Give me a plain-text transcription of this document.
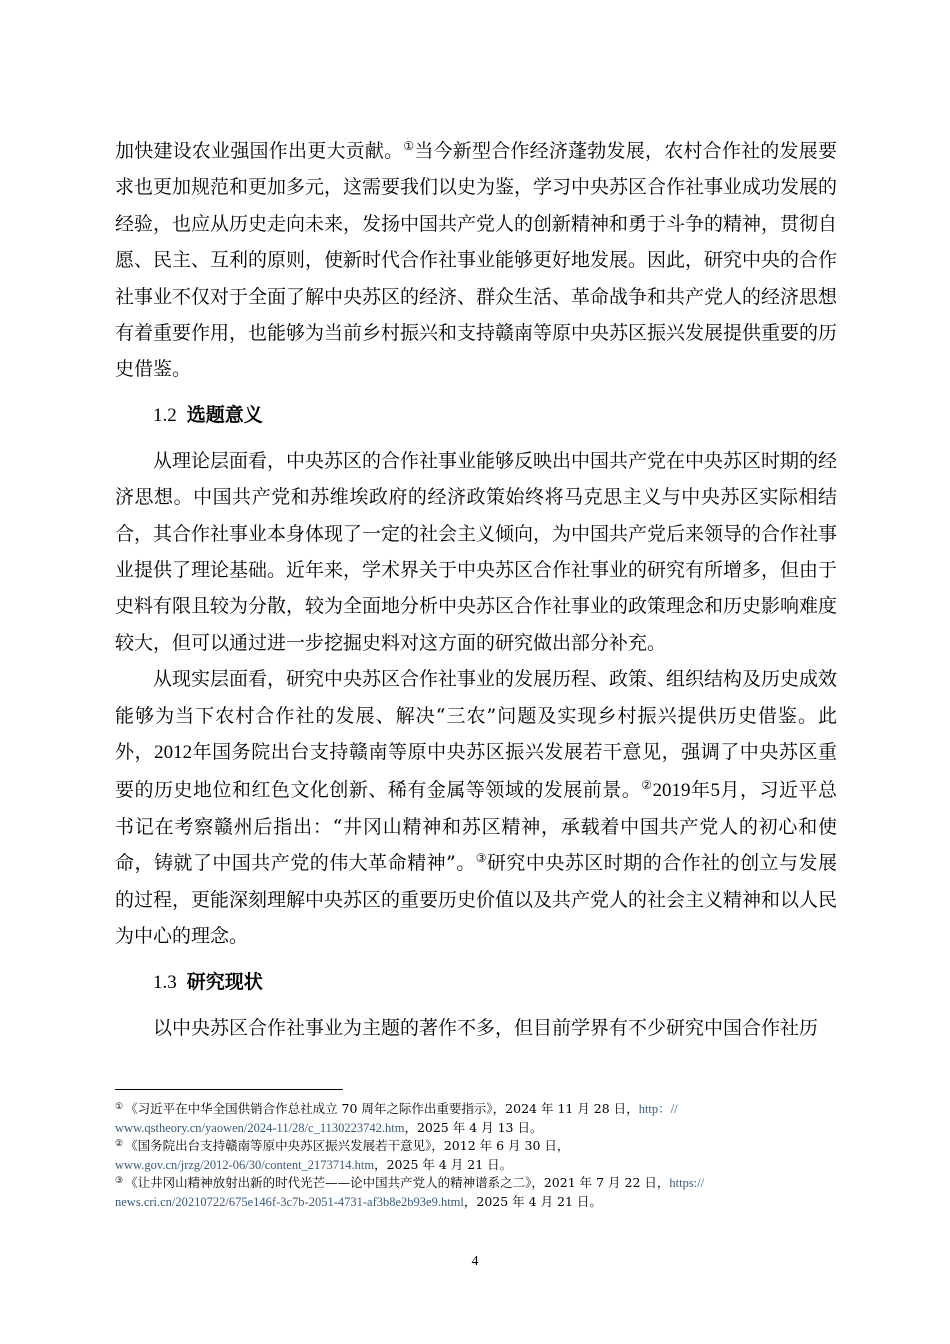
加快建设农业强国作出更大贡献。①当今新型合作经济蓬勃发展，农村合作社的发展要求也更加规范和更加多元，这需要我们以史为鉴，学习中央苏区合作社事业成功发展的经验，也应从历史走向未来，发扬中国共产党人的创新精神和勇于斗争的精神，贯彻自愿、民主、互利的原则，使新时代合作社事业能够更好地发展。因此，研究中央的合作社事业不仅对于全面了解中央苏区的经济、群众生活、革命战争和共产党人的经济思想有着重要作用，也能够为当前乡村振兴和支持赣南等原中央苏区振兴发展提供重要的历史借鉴。

1.2 选题意义

从理论层面看，中央苏区的合作社事业能够反映出中国共产党在中央苏区时期的经济思想。中国共产党和苏维埃政府的经济政策始终将马克思主义与中央苏区实际相结合，其合作社事业本身体现了一定的社会主义倾向，为中国共产党后来领导的合作社事业提供了理论基础。近年来，学术界关于中央苏区合作社事业的研究有所增多，但由于史料有限且较为分散，较为全面地分析中央苏区合作社事业的政策理念和历史影响难度较大，但可以通过进一步挖掘史料对这方面的研究做出部分补充。

从现实层面看，研究中央苏区合作社事业的发展历程、政策、组织结构及历史成效能够为当下农村合作社的发展、解决“三农”问题及实现乡村振兴提供历史借鉴。此外，2012年国务院出台支持赣南等原中央苏区振兴发展若干意见，强调了中央苏区重要的历史地位和红色文化创新、稀有金属等领域的发展前景。②2019年5月，习近平总书记在考察赣州后指出：“井冈山精神和苏区精神，承载着中国共产党人的初心和使命，铸就了中国共产党的伟大革命精神”。③研究中央苏区时期的合作社的创立与发展的过程，更能深刻理解中央苏区的重要历史价值以及共产党人的社会主义精神和以人民为中心的理念。

1.3 研究现状

以中央苏区合作社事业为主题的著作不多，但目前学界有不少研究中国合作社历

① 《习近平在中华全国供销合作总社成立 70 周年之际作出重要指示》，2024 年 11 月 28 日，http：//
www.qstheory.cn/yaowen/2024-11/28/c_1130223742.htm，2025 年 4 月 13 日。

② 《国务院出台支持赣南等原中央苏区振兴发展若干意见》，2012 年 6 月 30 日，
www.gov.cn/jrzg/2012-06/30/content_2173714.htm，2025 年 4 月 21 日。

③ 《让井冈山精神放射出新的时代光芒——论中国共产党人的精神谱系之二》，2021 年 7 月 22 日，https://
news.cri.cn/20210722/675e146f-3c7b-2051-4731-af3b8e2b93e9.html，2025 年 4 月 21 日。

4
